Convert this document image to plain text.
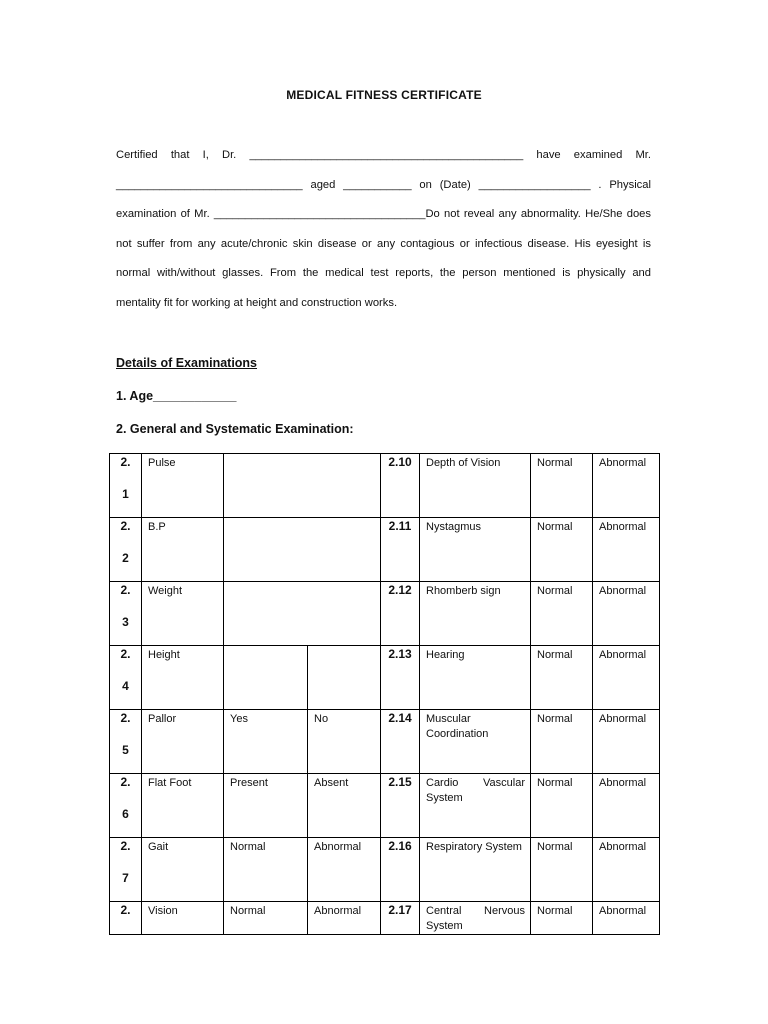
MEDICAL FITNESS CERTIFICATE
Certified that I, Dr. ____________________________________________ have examined Mr.
______________________________ aged ___________ on (Date) __________________ . Physical
examination of Mr. __________________________________Do not reveal any abnormality. He/She does
not suffer from any acute/chronic skin disease or any contagious or infectious disease. His eyesight is
normal with/without glasses. From the medical test reports, the person mentioned is physically and
mentality fit for working at height and construction works.
Details of Examinations
1. Age____________
2. General and Systematic Examination:
2.
1	Pulse			2.10	Depth of Vision	Normal	Abnormal

2.
2	B.P			2.11	Nystagmus	Normal	Abnormal

2.
3	Weight			2.12	Rhomberb sign	Normal	Abnormal

2.
4	Height			2.13	Hearing	Normal	Abnormal

2.
5	Pallor	Yes	No	2.14	Muscular Coordination	Normal	Abnormal

2.
6	Flat Foot	Present	Absent	2.15	Cardio Vascular System	Normal	Abnormal

2.
7	Gait	Normal	Abnormal	2.16	Respiratory System	Normal	Abnormal

2.	Vision	Normal	Abnormal	2.17	Central Nervous System	Normal	Abnormal
